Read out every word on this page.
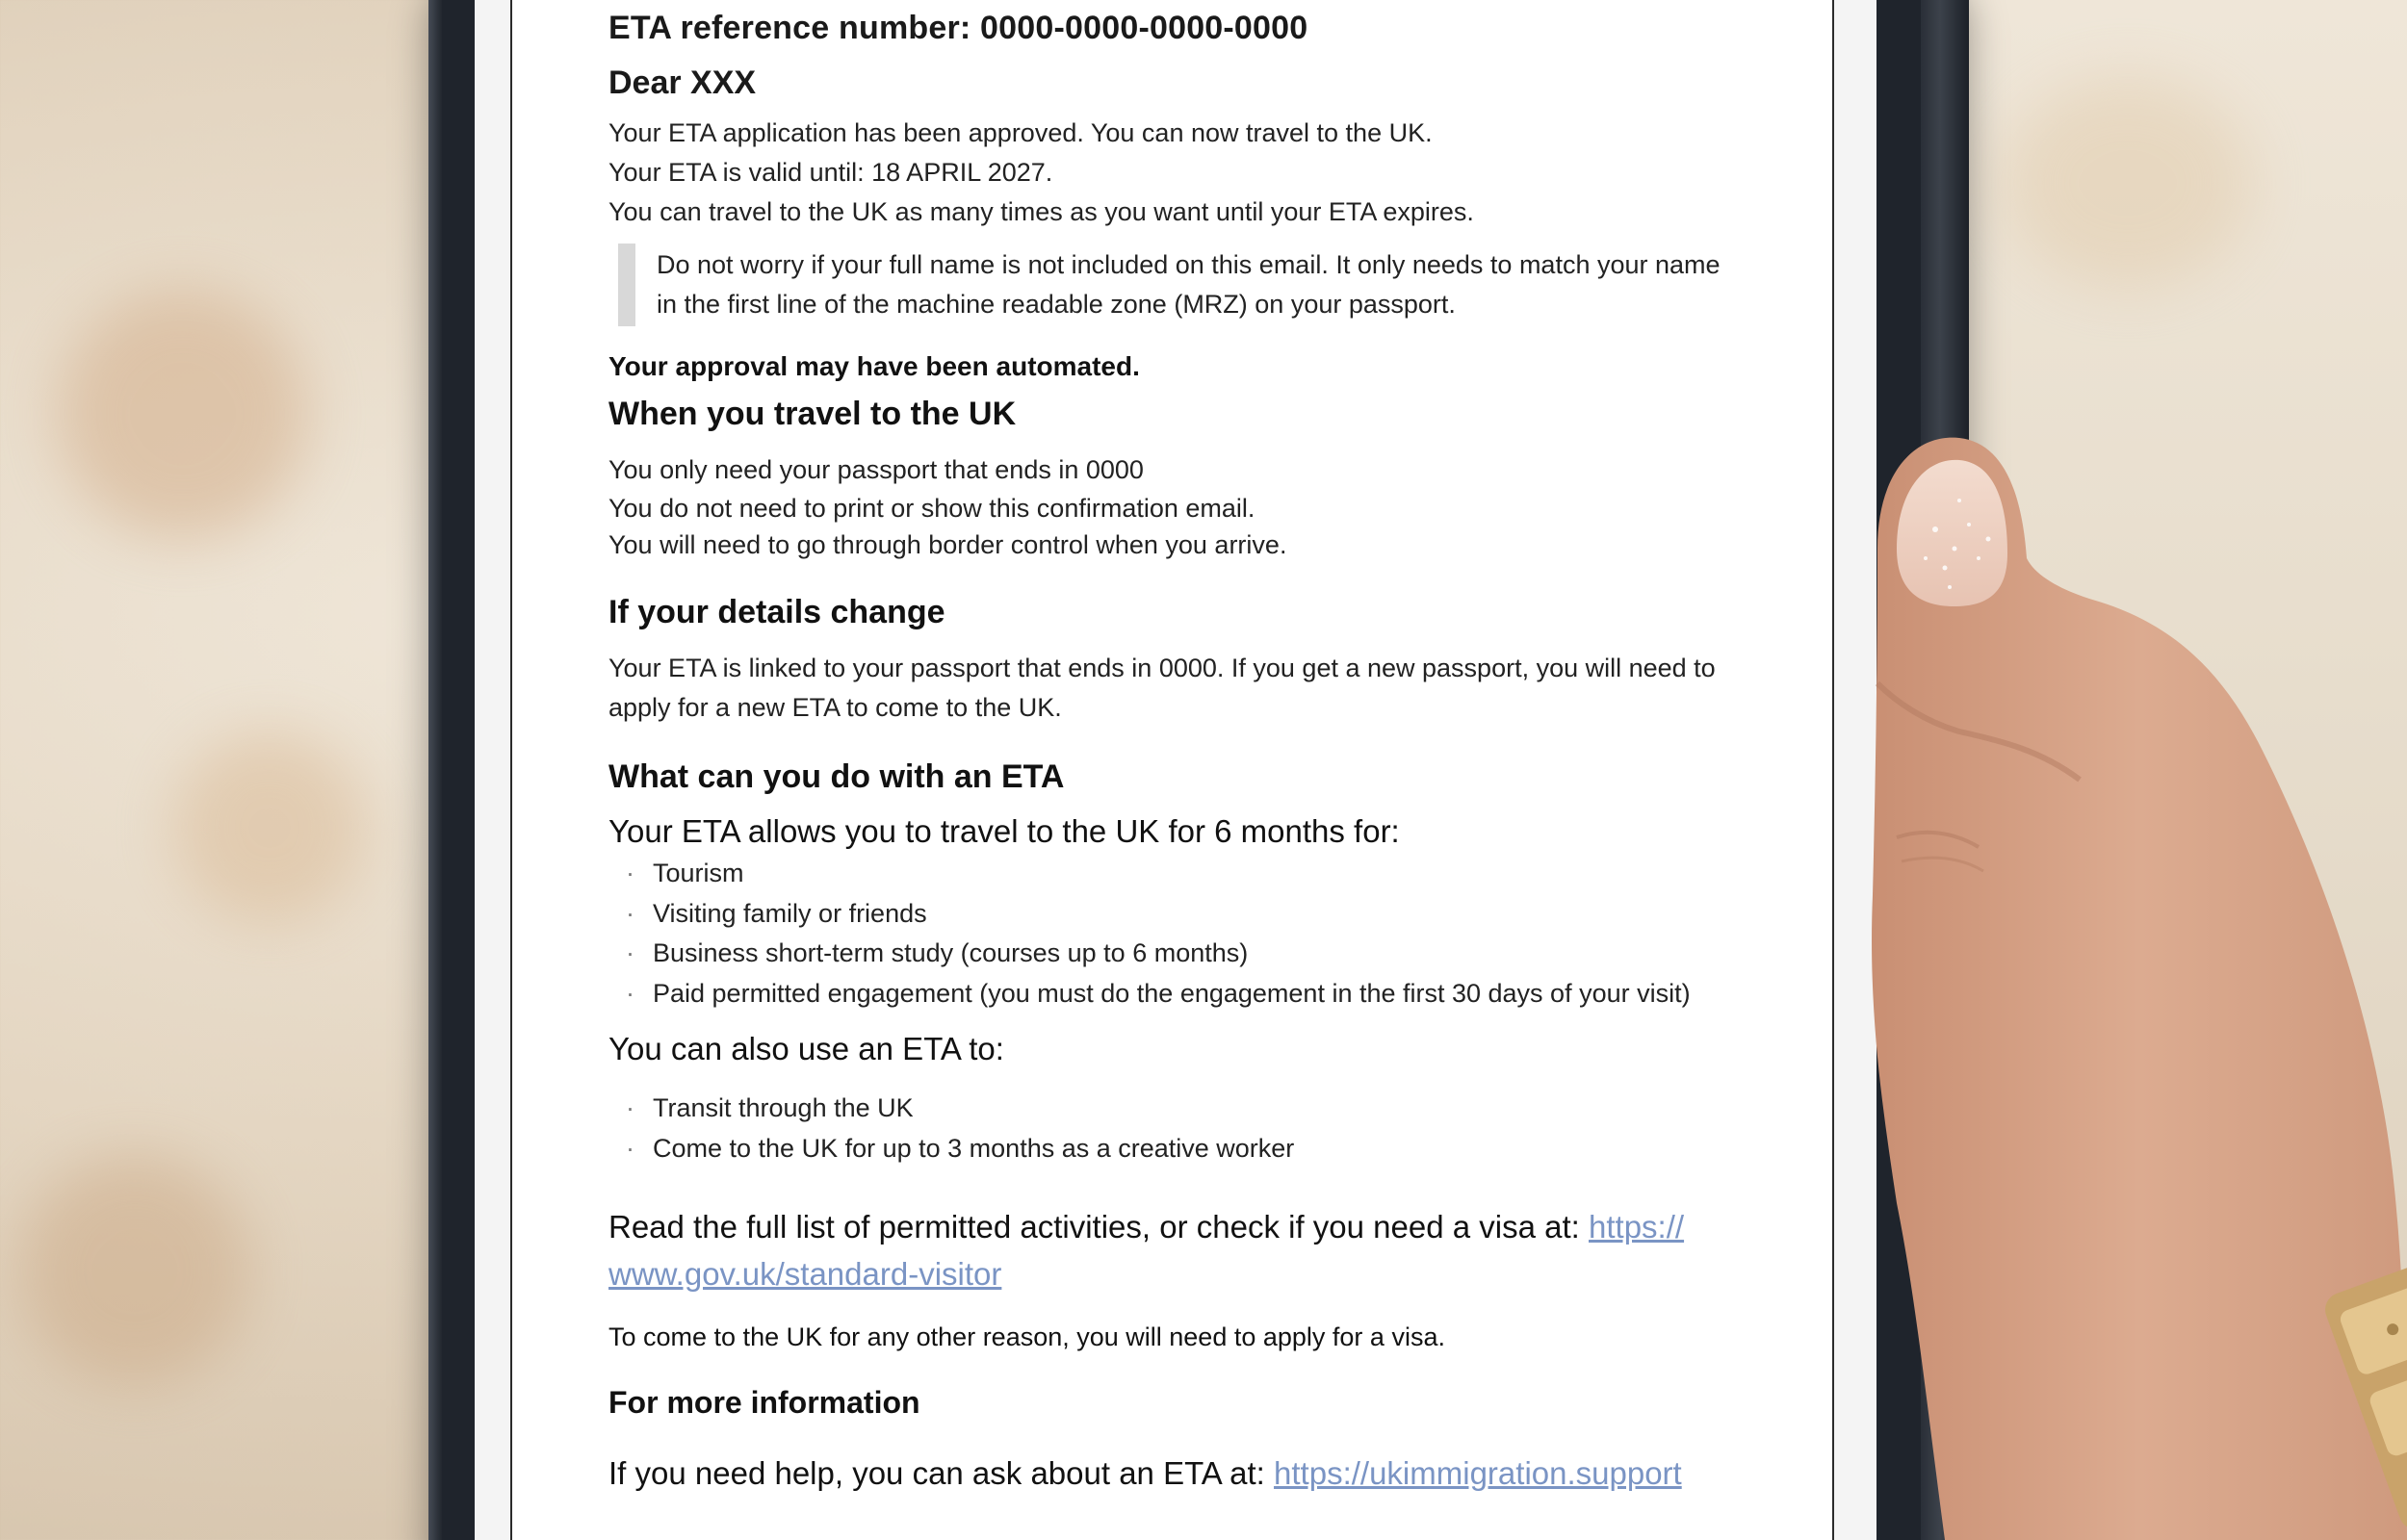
ETA reference number: 0000-0000-0000-0000
Dear XXX

Your ETA application has been approved. You can now travel to the UK.

Your ETA is valid until: 18 APRIL 2027.

You can travel to the UK as many times as you want until your ETA expires.

Do not worry if your full name is not included on this email. It only needs to match your name
in the first line of the machine readable zone (MRZ) on your passport.
Your approval may have been automated.
When you travel to the UK

You only need your passport that ends in 0000

You do not need to print or show this confirmation email.

You will need to go through border control when you arrive.

If your details change

Your ETA is linked to your passport that ends in 0000. If you get a new passport, you will need to

apply for a new ETA to come to the UK.

What can you do with an ETA
Your ETA allows you to travel to the UK for 6 months for:
· Tourism
· Visiting family or friends
· Business short-term study (courses up to 6 months)
· Paid permitted engagement (you must do the engagement in the first 30 days of your visit)
You can also use an ETA to:
· Transit through the UK
· Come to the UK for up to 3 months as a creative worker
Read the full list of permitted activities, or check if you need a visa at: https://
www.gov.uk/standard-visitor
To come to the UK for any other reason, you will need to apply for a visa.
For more information
If you need help, you can ask about an ETA at: https://ukimmigration.support
